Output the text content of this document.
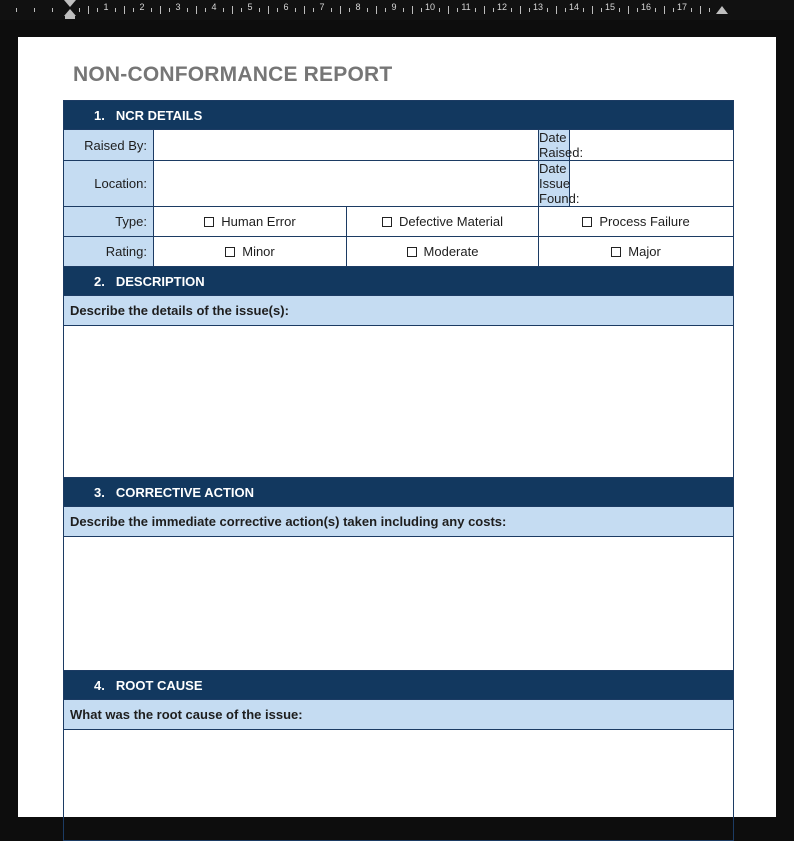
1	2	3	4	5	6	7	8	9	10	11	12	13	14	15	16	17
NON-CONFORMANCE REPORT
1. NCR DETAILS				
Raised By:			Date Raised:	
Location:			Date Issue Found:	
Type:	Human Error	Defective Material	Process Failure	
Rating:	Minor	Moderate	Major	
2. DESCRIPTION				
Describe the details of the issue(s):				

3. CORRECTIVE ACTION				
Describe the immediate corrective action(s) taken including any costs:				

4. ROOT CAUSE				
What was the root cause of the issue:				
